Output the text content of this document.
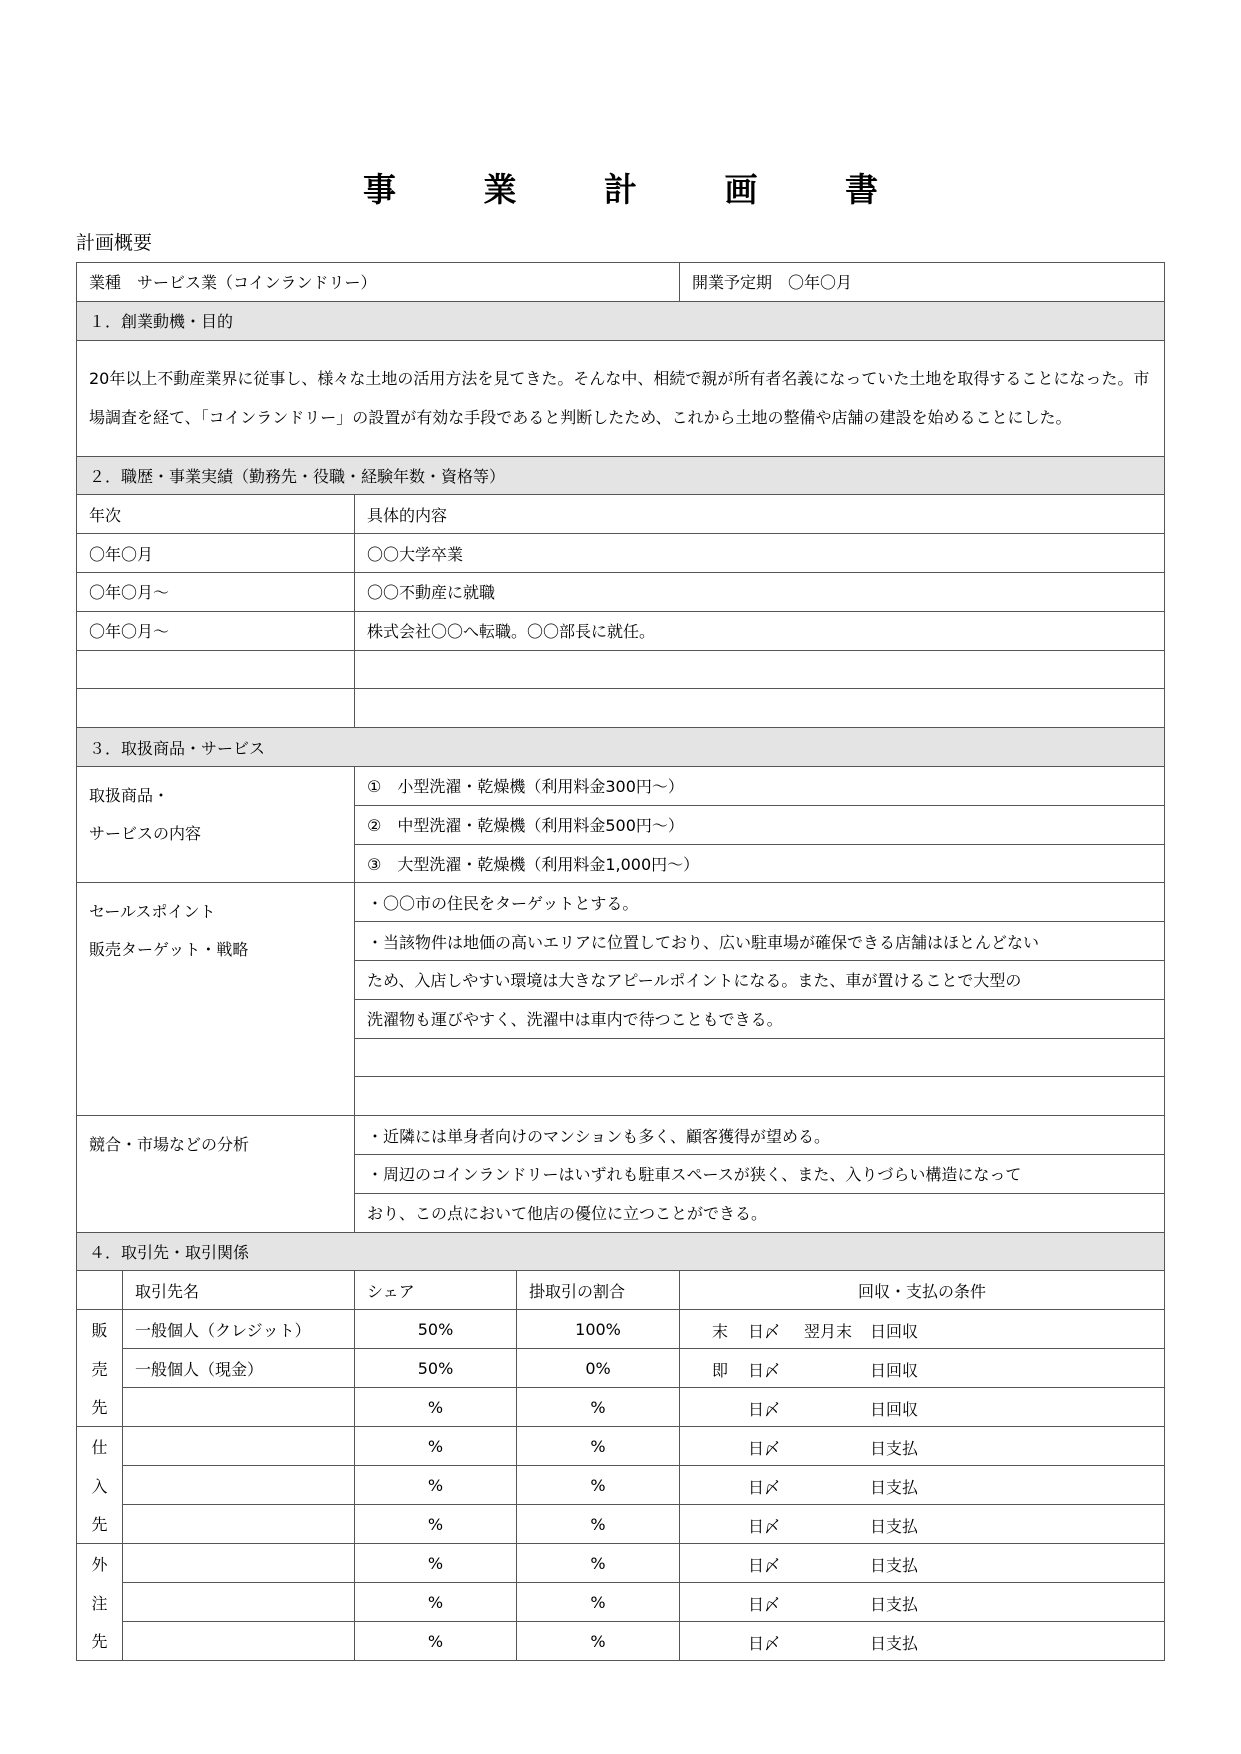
事 業 計 画 書
計画概要
業種　サービス業（コインランドリー）				開業予定期　〇年〇月
１．創業動機・目的				
20年以上不動産業界に従事し、様々な土地の活用方法を見てきた。そんな中、相続で親が所有者名義になっていた土地を取得することになった。市場調査を経て、「コインランドリー」の設置が有効な手段であると判断したため、これから土地の整備や店舗の建設を始めることにした。				
２．職歴・事業実績（勤務先・役職・経験年数・資格等）				
年次		具体的内容		
〇年〇月		〇〇大学卒業		
〇年〇月～		〇〇不動産に就職		
〇年〇月～		株式会社〇〇へ転職。〇〇部長に就任。		

３．取扱商品・サービス				

取扱商品・
サービスの内容		①　小型洗濯・乾燥機（利用料金300円～）		
		②　中型洗濯・乾燥機（利用料金500円～）		
		③　大型洗濯・乾燥機（利用料金1,000円～）		

セールスポイント
販売ターゲット・戦略		・〇〇市の住民をターゲットとする。		
		・当該物件は地価の高いエリアに位置しており、広い駐車場が確保できる店舗はほとんどない		
		ため、入店しやすい環境は大きなアピールポイントになる。また、車が置けることで大型の		
		洗濯物も運びやすく、洗濯中は車内で待つこともできる。		

競合・市場などの分析		・近隣には単身者向けのマンションも多く、顧客獲得が望める。		
		・周辺のコインランドリーはいずれも駐車スペースが狭く、また、入りづらい構造になって		
		おり、この点において他店の優位に立つことができる。		
４．取引先・取引関係				
	取引先名	シェア	掛取引の割合	回収・支払の条件
販	一般個人（クレジット）	50%	100%	末 日〆 翌月末 日回収

売	一般個人（現金）	50%	0%	即 日〆 日回収

先		%	%	日〆 日回収

仕		%	%	日〆 日支払

入		%	%	日〆 日支払

先		%	%	日〆 日支払

外		%	%	日〆 日支払

注		%	%	日〆 日支払

先		%	%	日〆 日支払
